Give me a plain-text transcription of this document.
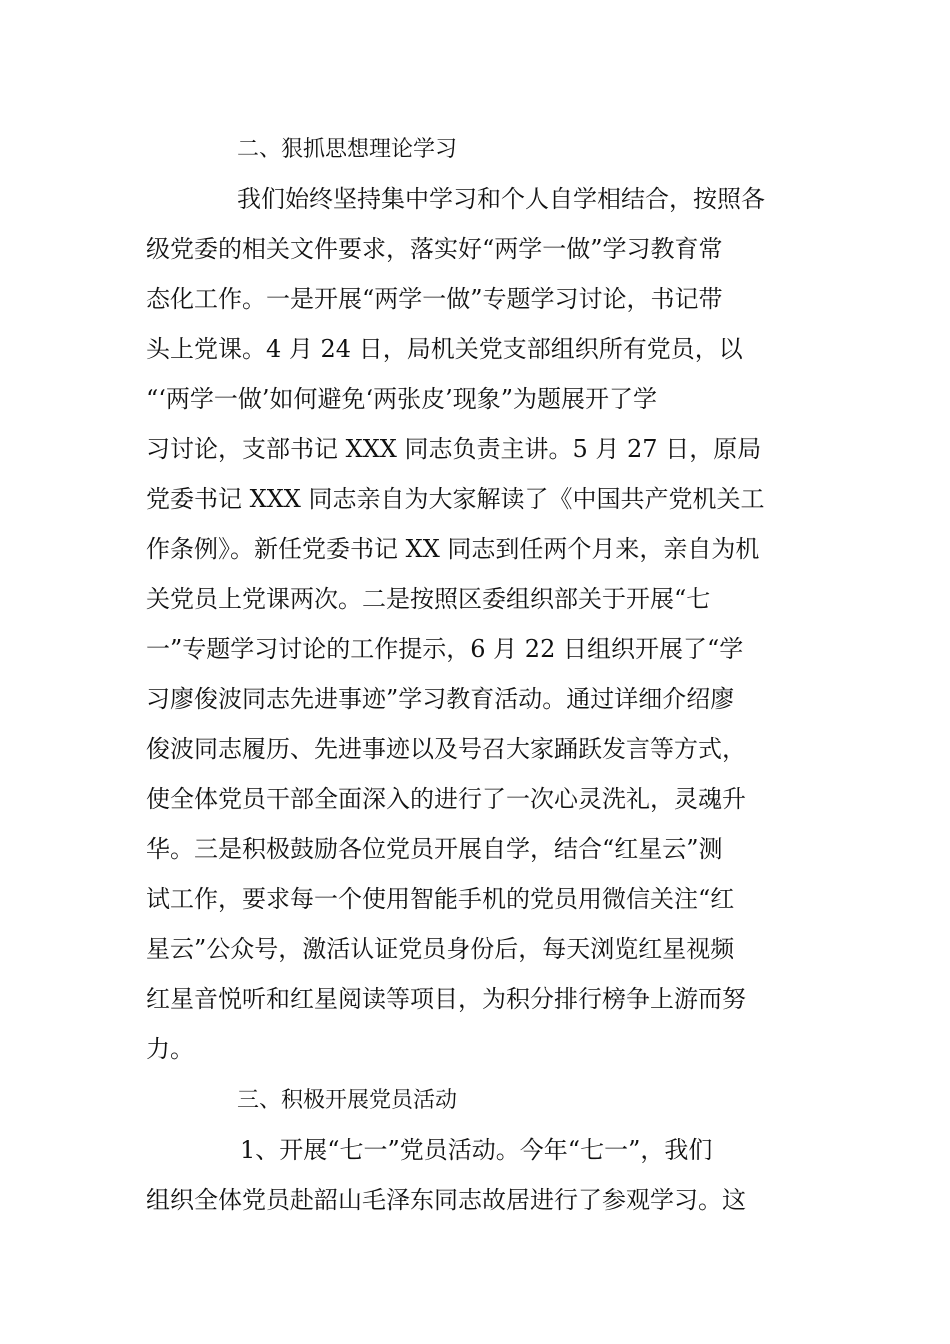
二、狠抓思想理论学习
我们始终坚持集中学习和个人自学相结合，按照各
级党委的相关文件要求，落实好“两学一做”学习教育常
态化工作。一是开展“两学一做”专题学习讨论，书记带
头上党课。4 月 24 日，局机关党支部组织所有党员，以
“‘两学一做’如何避免‘两张皮’现象”为题展开了学
习讨论，支部书记 XXX 同志负责主讲。5 月 27 日，原局
党委书记 XXX 同志亲自为大家解读了《中国共产党机关工
作条例》。新任党委书记 XX 同志到任两个月来，亲自为机
关党员上党课两次。二是按照区委组织部关于开展“七
一”专题学习讨论的工作提示，6 月 22 日组织开展了“学
习廖俊波同志先进事迹”学习教育活动。通过详细介绍廖
俊波同志履历、先进事迹以及号召大家踊跃发言等方式，
使全体党员干部全面深入的进行了一次心灵洗礼，灵魂升
华。三是积极鼓励各位党员开展自学，结合“红星云”测
试工作，要求每一个使用智能手机的党员用微信关注“红
星云”公众号，激活认证党员身份后，每天浏览红星视频
红星音悦听和红星阅读等项目，为积分排行榜争上游而努
力。
三、积极开展党员活动
1、开展“七一”党员活动。今年“七一”，我们
组织全体党员赴韶山毛泽东同志故居进行了参观学习。这
